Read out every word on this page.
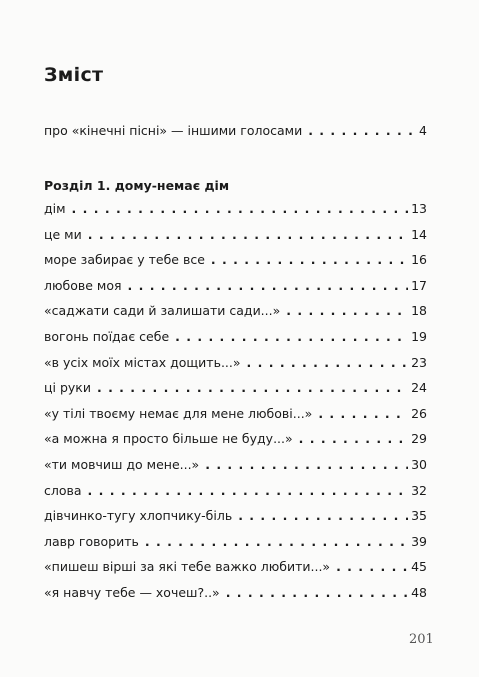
Зміст
про «кінечні пісні» — іншими голосами . . .	4
Розділ 1. дому-немає дім
дім . . .	13
це ми . . .	14
море забирає у тебе все . . .	16
любове моя . . .	17
«саджати сади й залишати сади...» . . .	18
вогонь поїдає себе . . .	19
«в усіх моїх містах дощить...» . . .	23
ці руки . . .	24
«у тілі твоєму немає для мене любові...» . . .	26
«а можна я просто більше не буду...» . . .	29
«ти мовчиш до мене...» . . .	30
слова . . .	32
дівчинко-тугу хлопчику-біль . . .	35
лавр говорить . . .	39
«пишеш вірші за які тебе важко любити...» . . .	45
«я навчу тебе — хочеш?..» . . .	48
201
